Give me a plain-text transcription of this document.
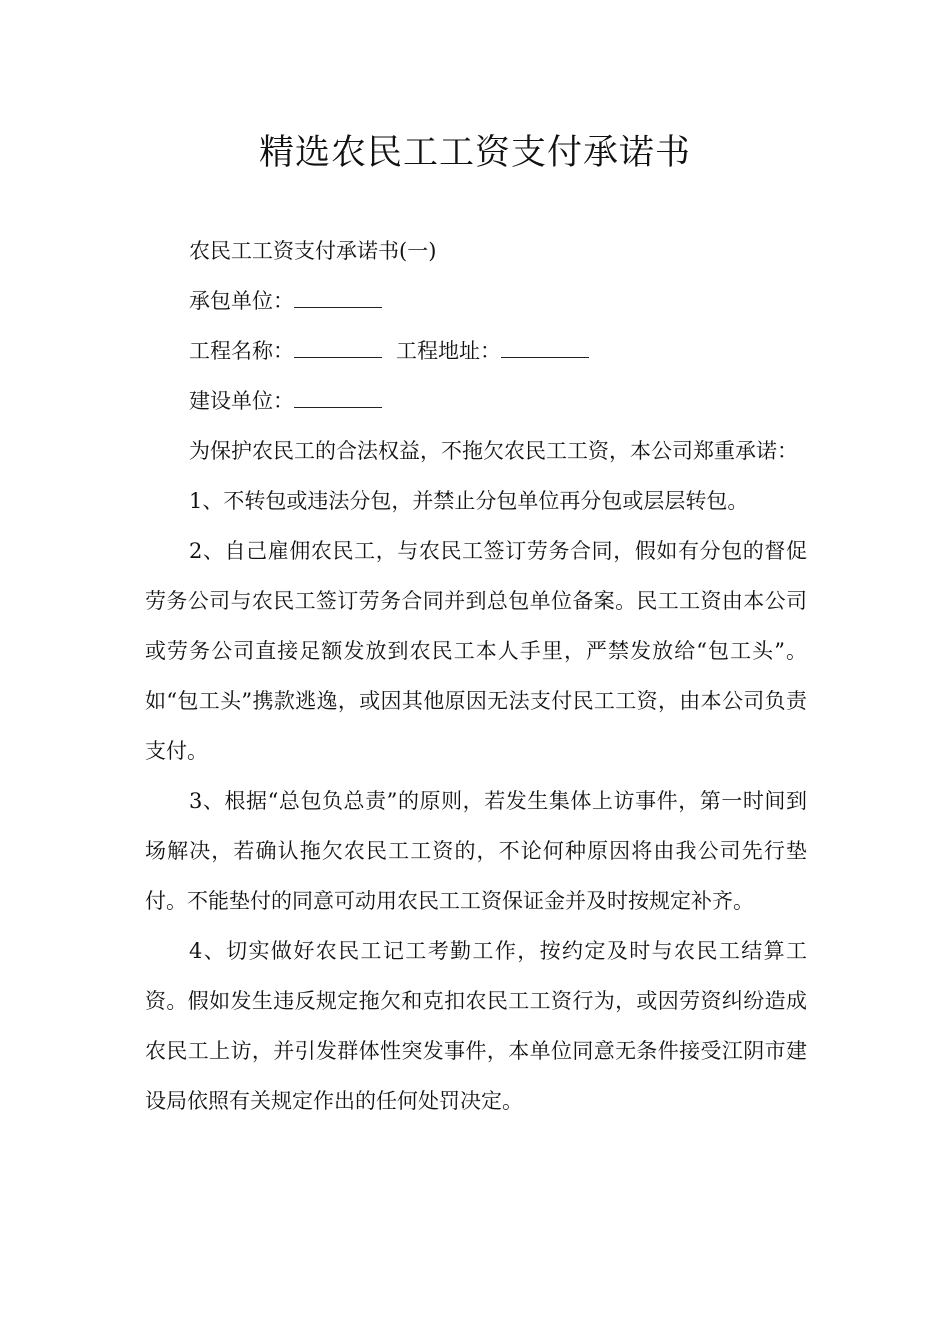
精选农民工工资支付承诺书

农民工工资支付承诺书(一)

承包单位：

工程名称：	工程地址：

建设单位：

为保护农民工的合法权益，不拖欠农民工工资，本公司郑重承诺：

1、不转包或违法分包，并禁止分包单位再分包或层层转包。

2、自己雇佣农民工，与农民工签订劳务合同，假如有分包的督促劳务公司与农民工签订劳务合同并到总包单位备案。民工工资由本公司或劳务公司直接足额发放到农民工本人手里，严禁发放给“包工头”。如“包工头”携款逃逸，或因其他原因无法支付民工工资，由本公司负责支付。

3、根据“总包负总责”的原则，若发生集体上访事件，第一时间到场解决，若确认拖欠农民工工资的，不论何种原因将由我公司先行垫付。不能垫付的同意可动用农民工工资保证金并及时按规定补齐。

4、切实做好农民工记工考勤工作，按约定及时与农民工结算工资。假如发生违反规定拖欠和克扣农民工工资行为，或因劳资纠纷造成农民工上访，并引发群体性突发事件，本单位同意无条件接受江阴市建设局依照有关规定作出的任何处罚决定。
